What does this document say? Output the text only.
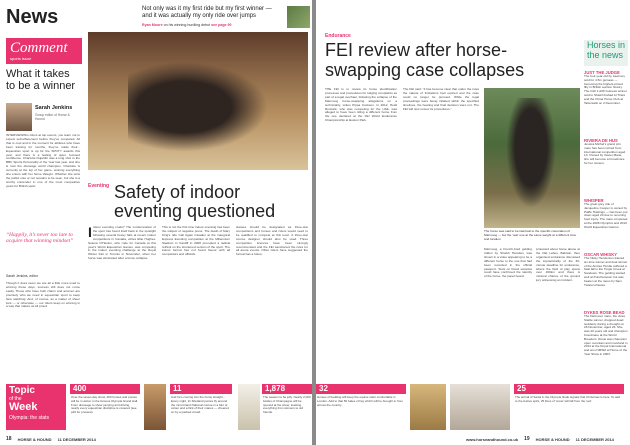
News	Not only was it my first ride but my first winner — and it was actually my only ride over jumps
Ryan Moore on his winning hurdling debut see page 90
Comment
sports issue
What it takes to be a winner
Sarah Jenkins
Group editor of Horse & Hound
INTERVIEWING riders at top events, you learn not to expect self-effacement before they've competed. All that is cool and in the moment for athletes who have been training for months, they've made their... Equestrian sport is up for the SPOTY awards this year, and there is a feeling of quiet, focused confidence. Charlotte Dujardin was a long shot in the BBC Sports Personality of the Year last year, and she is now the dressage world champion. Charlotte is currently at the top of her game, winning everything she enters with her horse Valegro. Whether she wins the public vote or not remains to be seen, but she is a worthy contender in one of the most competitive years for British sport.
“Happily, it’s never too late to acquire that winning mindset”
Sarah Jenkins, editor
Though it does seem we are all a little more used to winning these days, success still does not come easily. Those who have both charm and acumen are precisely who we need in equestrian sport to keep fans watching. And, of course, as a matter of sheer luck — or otherwise — our riders keep on winning in a way that makes us all proud.
Eventing Safety of indoor eventing questioned
I ndoor eventing crude? The condemnation of the sport has found itself back in the spotlight following several heavy falls at recent indoor competitions in Canada, writes Ellie Hughes. Selena O'Hanlon, who rode for Canada at this year's World Equestrian Games, was competing in the indoor eventing challenge at the Royal Winter Fair in Toronto in November, when her horse was eliminated after a fence collapse.
This is not the first time indoor eventing has been the subject of negative press. The death of Mary King's ride Call Again Cavalier at the inaugural Express Eventing competition at the Millennium Stadium in Cardiff in 2008 prompted a radical rethink on the shortened version of the sport. The indoor format has not found favour with all competitors and officials.
classes should be designated as three-star competitions and horses and riders would need to be qualified to compete at this level. A three-star course designer should also be used. Three competition licences have been strongly recommended and the FEI sanctioned the rules for all arena events. Other riders have suggested the format has a future.
18 HORSE & HOUND 11 DECEMBER 2014
Endurance
FEI review after horse-swapping case collapses
THE FEI is to review its horse identification processes and procedures for lodging complaints as part of a legal overhaul, following the collapse of the Marmoog horse-swapping allegations on a technicality, writes Pippa Cuckson. In 2012, Heidi Renwick, who was competing for the UAE, was alleged to have been riding a different horse from the one declared at the FEI World Endurance Championship at Euston Park.
The FEI said: “It has become clear that under the rules the statute of limitations had expired and the case could no longer be pursued. While the legal proceedings were being initiated within the specified timelines, the hearing and final decision were not. The FEI will now review its procedures.”
The horse was said to be identical to the specific colouration of Marmoog — but the 'real' one at the same weight at a different time and location
Marmoog, a French-bred gelding ridden by Sheikh Hamdan, was shown in a video appearing to be a different horse to the one that had been recorded in the official passport. Tests on blood samples could have confirmed the identity of the horse, the panel heard.
protested about horse abuse at the CEI Lahes. Bahrain, then organised endurance discussed the impracticality of the 30-minute deadline for endurance, where the field of play spans over 160km and there is minimal chance of the ground jury witnessing an incident.
Horses in the news
JUST THE JUDGE
The four-year-old by Lawman, sold for 4.5m guineas — becoming the highest-priced filly in British auction history. The Irish 1,000 Guineas winner sold to Sheikh Fahad Al Thani and the China Horse Club at Tattersalls on 2 December.
RIVIERA DE HUS
Jessica Michel's grand prix mare has been retired from international competition aged 13. Owned by Xavier Marie, she will become a broodmare for her owners.
WHISPER
The great grey ride of Jacqueline Cooper is owned by Piaffe Holdings — has been put down aged 20 due to recurring hoof injury. The mare competed at the 2008 Olympics and 2010 World Equestrian Games.
OSCAR WHISKY
The Nicky Henderson-trained six-time winner and dual winner of the Aintree Hurdle suffered a fatal fall in the Tingle Creek at Sandown. The gelding started well at Punchestown but was beaten at the races by Sam Twiston-Davies.
DYKES ROSE BEAD
The Dartmoor mare, the Jules Stable winner, dropped dead suddenly during a drought on 26 November, aged 26. She was 20 years old and champion broodmare at the World Breeders. Rosie was champion open mountain and moorland in 2014 at the Royal International and won NMSM at Horse of the Year Show in 2003.
www.horseandhound.co.uk 19 HORSE & HOUND 11 DECEMBER 2014
Topic
of the
Week
Olympia: the stats
400
Over the seven-day show, 400 horses and ponies will be in action in the famous Olympia Grand Hall. From dressage to show jumping and driving, nearly every equestrian discipline is covered (see p20 for preview).
11
And he's coming into the home straight... Every night, 11 Shetland ponies fly around the mini-Grand National course in a blur of colour and a flick of their manes — cheered on by a packed crowd.
1,878
The season to be jolly. Nearly 2,000 bottles of Champagne will be opened at the show, toasting everything from winners to old friends.
32
Horses of bedding will keep the equine stars comfortable in London. Add to that 50 bales of hay which will be brought in from across the country.
25
The arrival of Santa in the Olympia finale signals that Christmas is here. To add to the festive spirit, 25 litres of 'snow' will fall from the roof.
